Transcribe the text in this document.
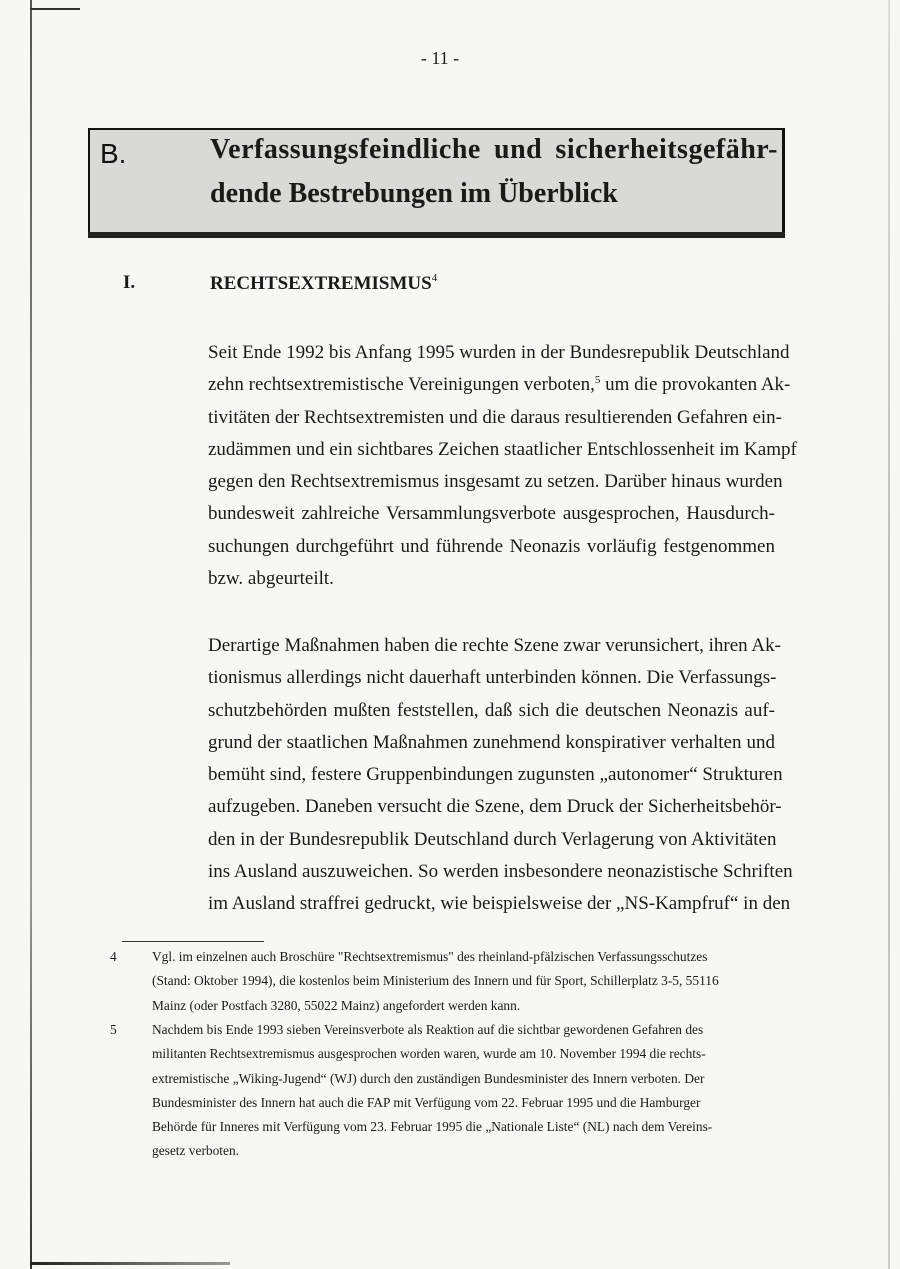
- 11 -
B.	Verfassungsfeindliche und sicherheitsgefähr-
dende Bestrebungen im Überblick
I.	RECHTSEXTREMISMUS$^4$
Seit Ende 1992 bis Anfang 1995 wurden in der Bundesrepublik Deutschland
zehn rechtsextremistische Vereinigungen verboten,$^5$ um die provokanten Ak-
tivitäten der Rechtsextremisten und die daraus resultierenden Gefahren ein-
zudämmen und ein sichtbares Zeichen staatlicher Entschlossenheit im Kampf
gegen den Rechtsextremismus insgesamt zu setzen. Darüber hinaus wurden
bundesweit zahlreiche Versammlungsverbote ausgesprochen, Hausdurch-
suchungen durchgeführt und führende Neonazis vorläufig festgenommen
bzw. abgeurteilt.
Derartige Maßnahmen haben die rechte Szene zwar verunsichert, ihren Ak-
tionismus allerdings nicht dauerhaft unterbinden können. Die Verfassungs-
schutzbehörden mußten feststellen, daß sich die deutschen Neonazis auf-
grund der staatlichen Maßnahmen zunehmend konspirativer verhalten und
bemüht sind, festere Gruppenbindungen zugunsten „autonomer“ Strukturen
aufzugeben. Daneben versucht die Szene, dem Druck der Sicherheitsbehör-
den in der Bundesrepublik Deutschland durch Verlagerung von Aktivitäten
ins Ausland auszuweichen. So werden insbesondere neonazistische Schriften
im Ausland straffrei gedruckt, wie beispielsweise der „NS-Kampfruf“ in den
4	Vgl. im einzelnen auch Broschüre "Rechtsextremismus" des rheinland-pfälzischen Verfassungsschutzes
(Stand: Oktober 1994), die kostenlos beim Ministerium des Innern und für Sport, Schillerplatz 3-5, 55116
Mainz (oder Postfach 3280, 55022 Mainz) angefordert werden kann.
5	Nachdem bis Ende 1993 sieben Vereinsverbote als Reaktion auf die sichtbar gewordenen Gefahren des
militanten Rechtsextremismus ausgesprochen worden waren, wurde am 10. November 1994 die rechts-
extremistische „Wiking-Jugend“ (WJ) durch den zuständigen Bundesminister des Innern verboten. Der
Bundesminister des Innern hat auch die FAP mit Verfügung vom 22. Februar 1995 und die Hamburger
Behörde für Inneres mit Verfügung vom 23. Februar 1995 die „Nationale Liste“ (NL) nach dem Vereins-
gesetz verboten.
